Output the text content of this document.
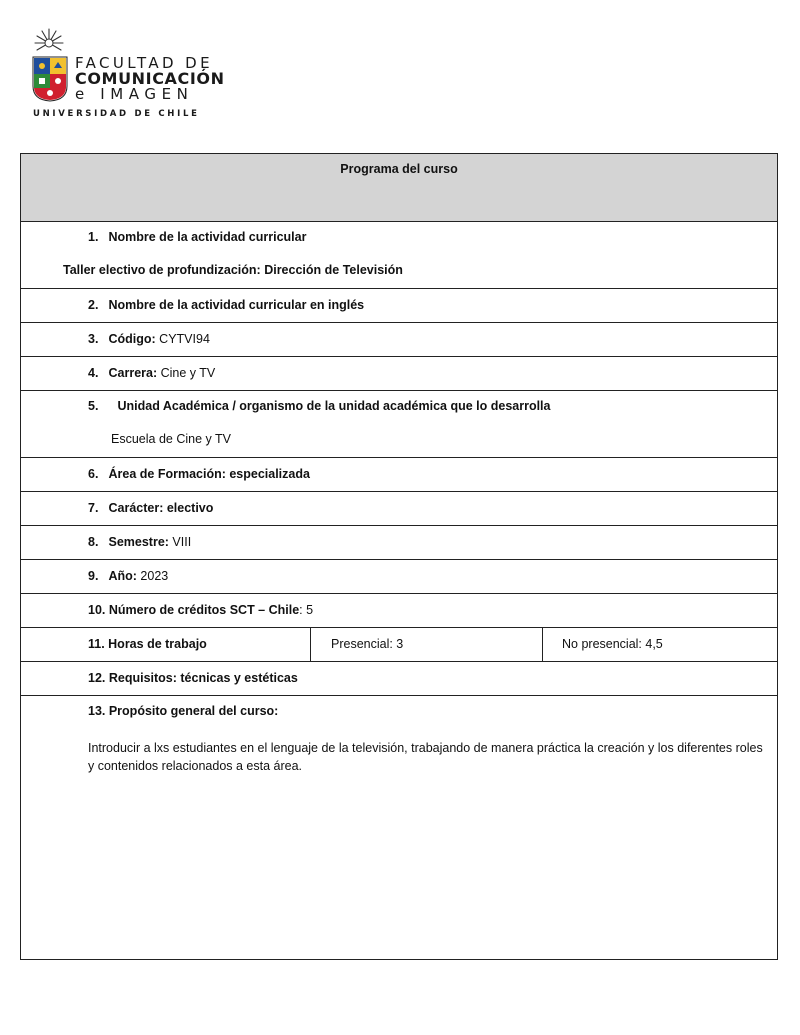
FACULTAD DE
COMUNICACIÓN
e IMAGEN
UNIVERSIDAD DE CHILE
Programa del curso
1. Nombre de la actividad curricular
Taller electivo de profundización: Dirección de Televisión
2. Nombre de la actividad curricular en inglés
3. Código: CYTVI94
4. Carrera: Cine y TV
5. Unidad Académica / organismo de la unidad académica que lo desarrolla
Escuela de Cine y TV
6. Área de Formación: especializada
7. Carácter: electivo
8. Semestre: VIII
9. Año: 2023
10. Número de créditos SCT – Chile: 5
11. Horas de trabajo	Presencial: 3	No presencial: 4,5
12. Requisitos: técnicas y estéticas
13. Propósito general del curso:
Introducir a lxs estudiantes en el lenguaje de la televisión, trabajando de manera práctica la creación y los diferentes roles y contenidos relacionados a esta área.
